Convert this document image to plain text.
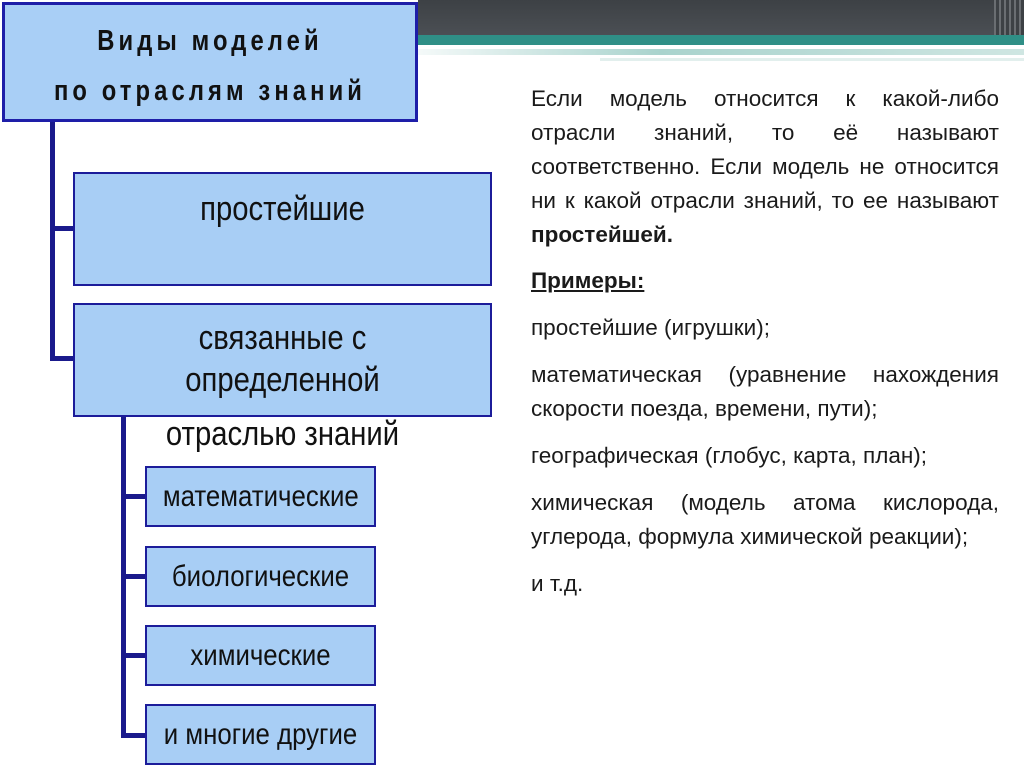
Виды моделей
по отраслям знаний
простейшие
связанные с определенной
отраслью знаний
математические
биологические
химические
и многие другие

Если модель относится к какой-либо отрасли знаний, то её называют соответственно. Если модель не относится ни к какой отрасли знаний, то ее называют простейшей.

Примеры:

простейшие (игрушки);

математическая (уравнение нахождения скорости поезда, времени, пути);

географическая (глобус, карта, план);

химическая (модель атома кислорода, углерода, формула химической реакции);

и т.д.
